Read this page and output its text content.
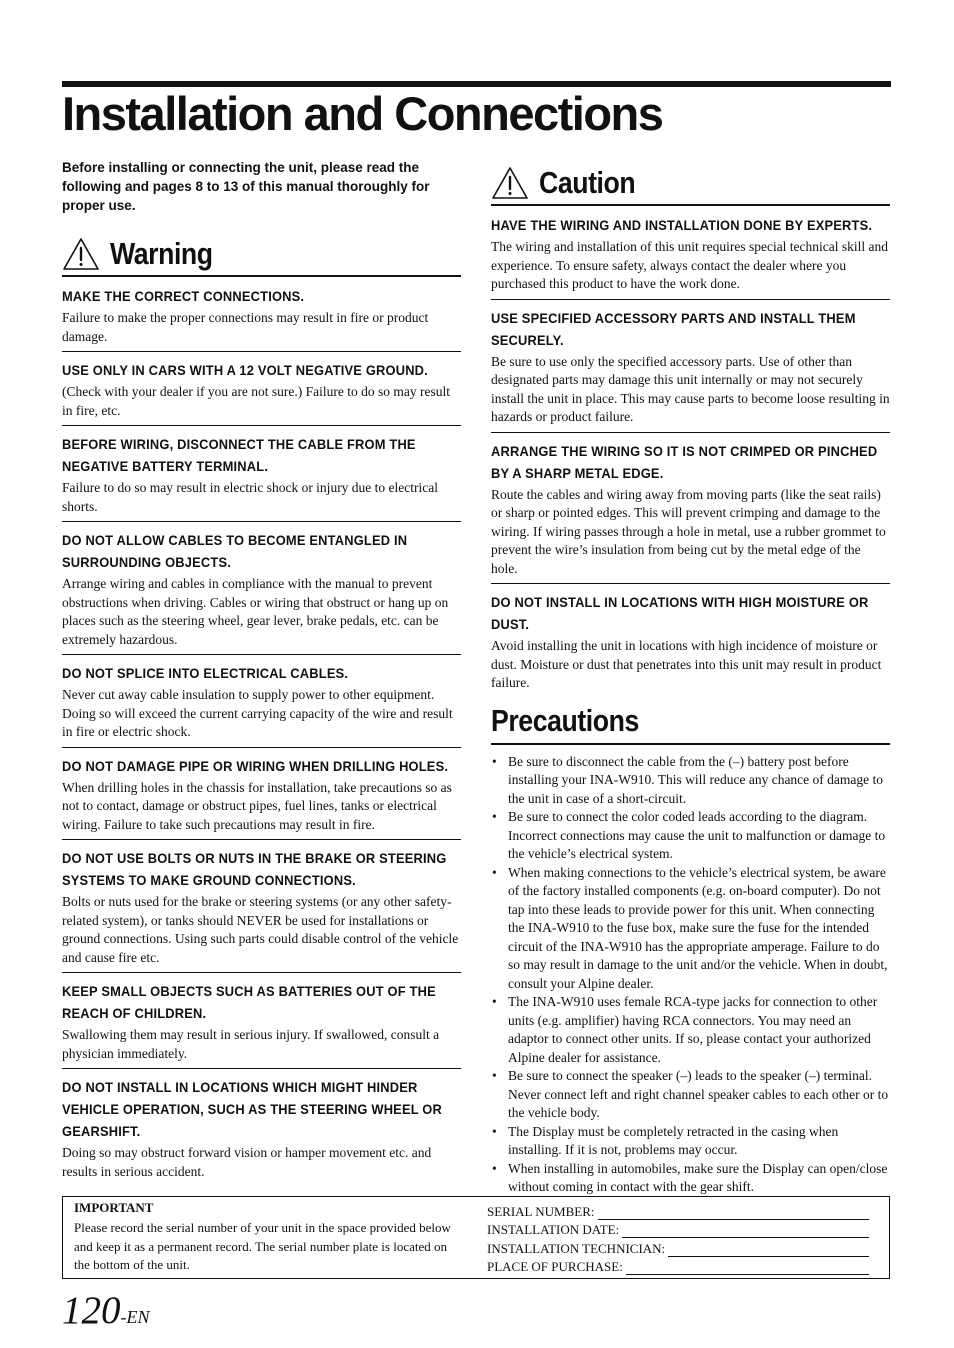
Installation and Connections

Before installing or connecting the unit, please read the following and pages 8 to 13 of this manual thoroughly for proper use.

Warning
MAKE THE CORRECT CONNECTIONS.

Failure to make the proper connections may result in fire or product damage.

USE ONLY IN CARS WITH A 12 VOLT NEGATIVE GROUND.

(Check with your dealer if you are not sure.) Failure to do so may result in fire, etc.

BEFORE WIRING, DISCONNECT THE CABLE FROM THE NEGATIVE BATTERY TERMINAL.

Failure to do so may result in electric shock or injury due to electrical shorts.

DO NOT ALLOW CABLES TO BECOME ENTANGLED IN SURROUNDING OBJECTS.

Arrange wiring and cables in compliance with the manual to prevent obstructions when driving. Cables or wiring that obstruct or hang up on places such as the steering wheel, gear lever, brake pedals, etc. can be extremely hazardous.

DO NOT SPLICE INTO ELECTRICAL CABLES.

Never cut away cable insulation to supply power to other equipment. Doing so will exceed the current carrying capacity of the wire and result in fire or electric shock.

DO NOT DAMAGE PIPE OR WIRING WHEN DRILLING HOLES.

When drilling holes in the chassis for installation, take precautions so as not to contact, damage or obstruct pipes, fuel lines, tanks or electrical wiring. Failure to take such precautions may result in fire.

DO NOT USE BOLTS OR NUTS IN THE BRAKE OR STEERING SYSTEMS TO MAKE GROUND CONNECTIONS.

Bolts or nuts used for the brake or steering systems (or any other safety-related system), or tanks should NEVER be used for installations or ground connections. Using such parts could disable control of the vehicle and cause fire etc.

KEEP SMALL OBJECTS SUCH AS BATTERIES OUT OF THE REACH OF CHILDREN.

Swallowing them may result in serious injury. If swallowed, consult a physician immediately.

DO NOT INSTALL IN LOCATIONS WHICH MIGHT HINDER VEHICLE OPERATION, SUCH AS THE STEERING WHEEL OR GEARSHIFT.

Doing so may obstruct forward vision or hamper movement etc. and results in serious accident.

Caution
HAVE THE WIRING AND INSTALLATION DONE BY EXPERTS.

The wiring and installation of this unit requires special technical skill and experience. To ensure safety, always contact the dealer where you purchased this product to have the work done.

USE SPECIFIED ACCESSORY PARTS AND INSTALL THEM SECURELY.

Be sure to use only the specified accessory parts. Use of other than designated parts may damage this unit internally or may not securely install the unit in place. This may cause parts to become loose resulting in hazards or product failure.

ARRANGE THE WIRING SO IT IS NOT CRIMPED OR PINCHED BY A SHARP METAL EDGE.

Route the cables and wiring away from moving parts (like the seat rails) or sharp or pointed edges. This will prevent crimping and damage to the wiring. If wiring passes through a hole in metal, use a rubber grommet to prevent the wire’s insulation from being cut by the metal edge of the hole.

DO NOT INSTALL IN LOCATIONS WITH HIGH MOISTURE OR DUST.

Avoid installing the unit in locations with high incidence of moisture or dust. Moisture or dust that penetrates into this unit may result in product failure.

Precautions
• Be sure to disconnect the cable from the (–) battery post before installing your INA-W910. This will reduce any chance of damage to the unit in case of a short-circuit.
• Be sure to connect the color coded leads according to the diagram. Incorrect connections may cause the unit to malfunction or damage to the vehicle’s electrical system.
• When making connections to the vehicle’s electrical system, be aware of the factory installed components (e.g. on-board computer). Do not tap into these leads to provide power for this unit. When connecting the INA-W910 to the fuse box, make sure the fuse for the intended circuit of the INA-W910 has the appropriate amperage. Failure to do so may result in damage to the unit and/or the vehicle. When in doubt, consult your Alpine dealer.
• The INA-W910 uses female RCA-type jacks for connection to other units (e.g. amplifier) having RCA connectors. You may need an adaptor to connect other units. If so, please contact your authorized Alpine dealer for assistance.
• Be sure to connect the speaker (–) leads to the speaker (–) terminal. Never connect left and right channel speaker cables to each other or to the vehicle body.
• The Display must be completely retracted in the casing when installing. If it is not, problems may occur.
• When installing in automobiles, make sure the Display can open/close without coming in contact with the gear shift.
IMPORTANT

Please record the serial number of your unit in the space provided below and keep it as a permanent record. The serial number plate is located on the bottom of the unit.

SERIAL NUMBER:
INSTALLATION DATE:
INSTALLATION TECHNICIAN:
PLACE OF PURCHASE:
120-EN
